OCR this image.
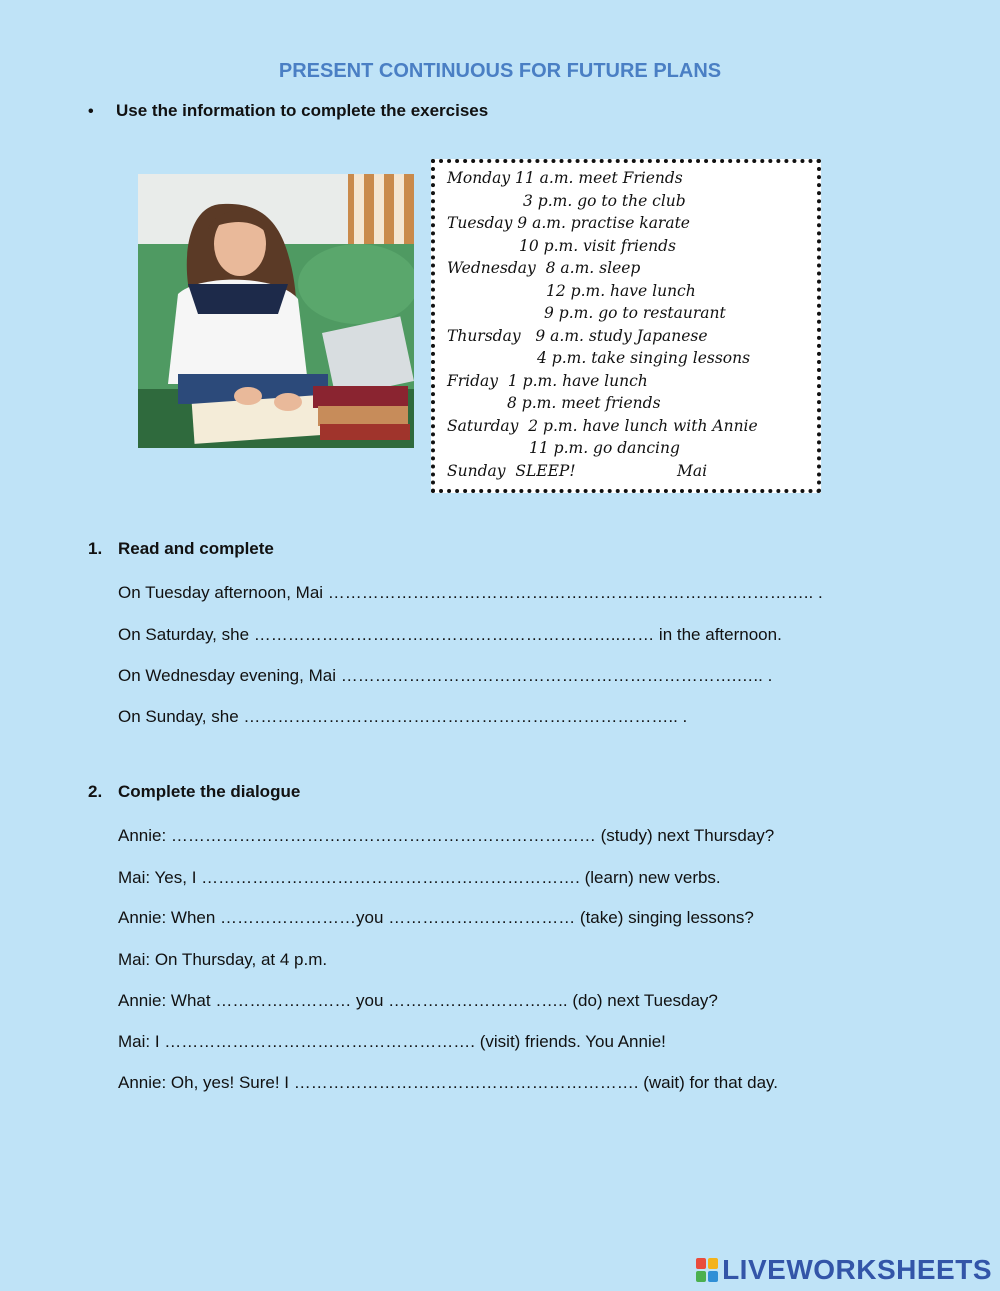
PRESENT CONTINUOUS FOR FUTURE PLANS
• Use the information to complete the exercises
Monday 11 a.m. meet Friends
3 p.m. go to the club
Tuesday 9 a.m. practise karate
10 p.m. visit friends
Wednesday  8 a.m. sleep
12 p.m. have lunch
9 p.m. go to restaurant
Thursday   9 a.m. study Japanese
4 p.m. take singing lessons
Friday  1 p.m. have lunch
8 p.m. meet friends
Saturday  2 p.m. have lunch with Annie
11 p.m. go dancing
Sunday  SLEEP!	Mai
1. Read and complete
On Tuesday afternoon, Mai ………………………………………………………………………….. .
On Saturday, she ………………………………………………………..…… in the afternoon.
On Wednesday evening, Mai …………………………………………………………….….. .
On Sunday, she ………………………………………………………………….. .
2. Complete the dialogue
Annie: ………………………………………………………………… (study) next Thursday?
Mai: Yes, I …………………………………………………………. (learn) new verbs.
Annie: When ……………………you …………………………… (take) singing lessons?
Mai: On Thursday, at 4 p.m.
Annie: What …………………… you ………………………….. (do) next Tuesday?
Mai: I ………………………………………………. (visit) friends. You Annie!
Annie: Oh, yes! Sure! I ……………………………………………………. (wait) for that day.
LIVEWORKSHEETS
